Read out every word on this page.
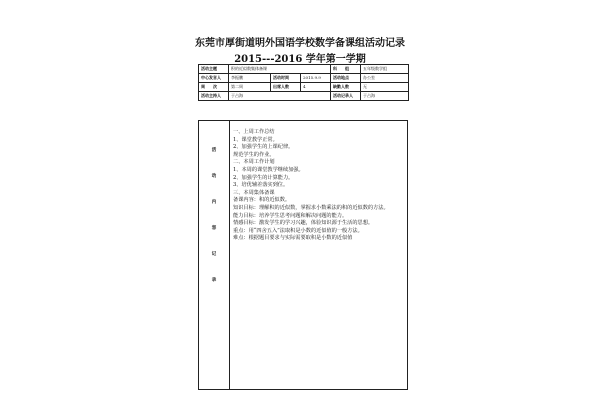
东莞市厚街道明外国语学校数学备课组活动记录
2015---2016 学年第一学期
活动主题	积的近似数集体备课			科　　组	五年级数学组
中心发言人	李振鹏	活动时间	2015.9.9	活动地点	办公室
周　　次	第二周	出席人数	4	缺勤人数	无
活动主持人	于占海			活动记录人	于占海
活
动
内
容
记
录
一、上周工作总结
1、课堂教学正常。
2、加强学生的上课纪律。
规范学生的作业。
二、本周工作计划
1、本周的课堂教学继续加强。
2、加强学生的计算能力。
3、培优辅差落实到位。
三、本周集体备课
备课内容：积的近似数。
知识目标：理解积的近似数，掌握求小数乘法的积的近似数的方法。
能力目标：培养学生思考问题和解决问题的能力。
情感目标：激发学生的学习兴趣，体验知识源于生活的思想。
重点：用“四舍五入”法取积是小数的近似值的一般方法。
难点：根据题目要求与实际需要取积是小数的近似值
